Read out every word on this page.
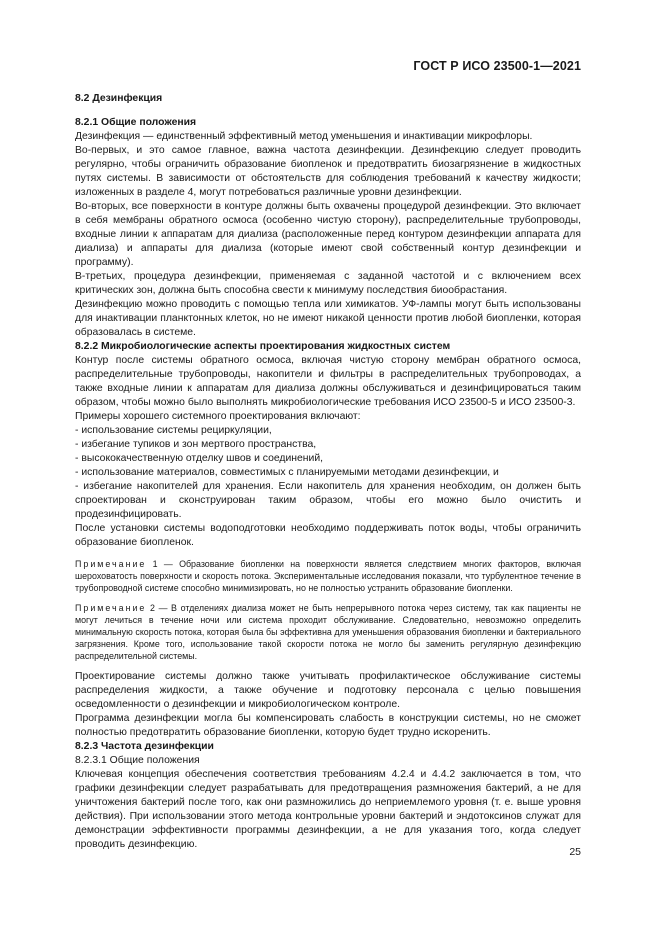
ГОСТ Р ИСО 23500-1—2021
8.2 Дезинфекция
8.2.1 Общие положения

Дезинфекция — единственный эффективный метод уменьшения и инактивации микрофлоры.

Во-первых, и это самое главное, важна частота дезинфекции. Дезинфекцию следует проводить регулярно, чтобы ограничить образование биопленок и предотвратить биозагрязнение в жидкостных путях системы. В зависимости от обстоятельств для соблюдения требований к качеству жидкости; изложенных в разделе 4, могут потребоваться различные уровни дезинфекции.

Во-вторых, все поверхности в контуре должны быть охвачены процедурой дезинфекции. Это включает в себя мембраны обратного осмоса (особенно чистую сторону), распределительные трубопроводы, входные линии к аппаратам для диализа (расположенные перед контуром дезинфекции аппарата для диализа) и аппараты для диализа (которые имеют свой собственный контур дезинфекции и программу).

В-третьих, процедура дезинфекции, применяемая с заданной частотой и с включением всех критических зон, должна быть способна свести к минимуму последствия биообрастания.

Дезинфекцию можно проводить с помощью тепла или химикатов. УФ-лампы могут быть использованы для инактивации планктонных клеток, но не имеют никакой ценности против любой биопленки, которая образовалась в системе.

8.2.2 Микробиологические аспекты проектирования жидкостных систем

Контур после системы обратного осмоса, включая чистую сторону мембран обратного осмоса, распределительные трубопроводы, накопители и фильтры в распределительных трубопроводах, а также входные линии к аппаратам для диализа должны обслуживаться и дезинфицироваться таким образом, чтобы можно было выполнять микробиологические требования ИСО 23500-5 и ИСО 23500-3.

Примеры хорошего системного проектирования включают:

- использование системы рециркуляции,
- избегание тупиков и зон мертвого пространства,
- высококачественную отделку швов и соединений,
- использование материалов, совместимых с планируемыми методами дезинфекции, и
- избегание накопителей для хранения. Если накопитель для хранения необходим, он должен быть спроектирован и сконструирован таким образом, чтобы его можно было очистить и продезинфицировать.

После установки системы водоподготовки необходимо поддерживать поток воды, чтобы ограничить образование биопленок.

Примечание 1 — Образование биопленки на поверхности является следствием многих факторов, включая шероховатость поверхности и скорость потока. Экспериментальные исследования показали, что турбулентное течение в трубопроводной системе способно минимизировать, но не полностью устранить образование биопленки.
Примечание 2 — В отделениях диализа может не быть непрерывного потока через систему, так как пациенты не могут лечиться в течение ночи или система проходит обслуживание. Следовательно, невозможно определить минимальную скорость потока, которая была бы эффективна для уменьшения образования биопленки и бактериального загрязнения. Кроме того, использование такой скорости потока не могло бы заменить регулярную дезинфекцию распределительной системы.

Проектирование системы должно также учитывать профилактическое обслуживание системы распределения жидкости, а также обучение и подготовку персонала с целью повышения осведомленности о дезинфекции и микробиологическом контроле.

Программа дезинфекции могла бы компенсировать слабость в конструкции системы, но не сможет полностью предотвратить образование биопленки, которую будет трудно искоренить.

8.2.3 Частота дезинфекции
8.2.3.1 Общие положения

Ключевая концепция обеспечения соответствия требованиям 4.2.4 и 4.4.2 заключается в том, что графики дезинфекции следует разрабатывать для предотвращения размножения бактерий, а не для уничтожения бактерий после того, как они размножились до неприемлемого уровня (т. е. выше уровня действия). При использовании этого метода контрольные уровни бактерий и эндотоксинов служат для демонстрации эффективности программы дезинфекции, а не для указания того, когда следует проводить дезинфекцию.

25
